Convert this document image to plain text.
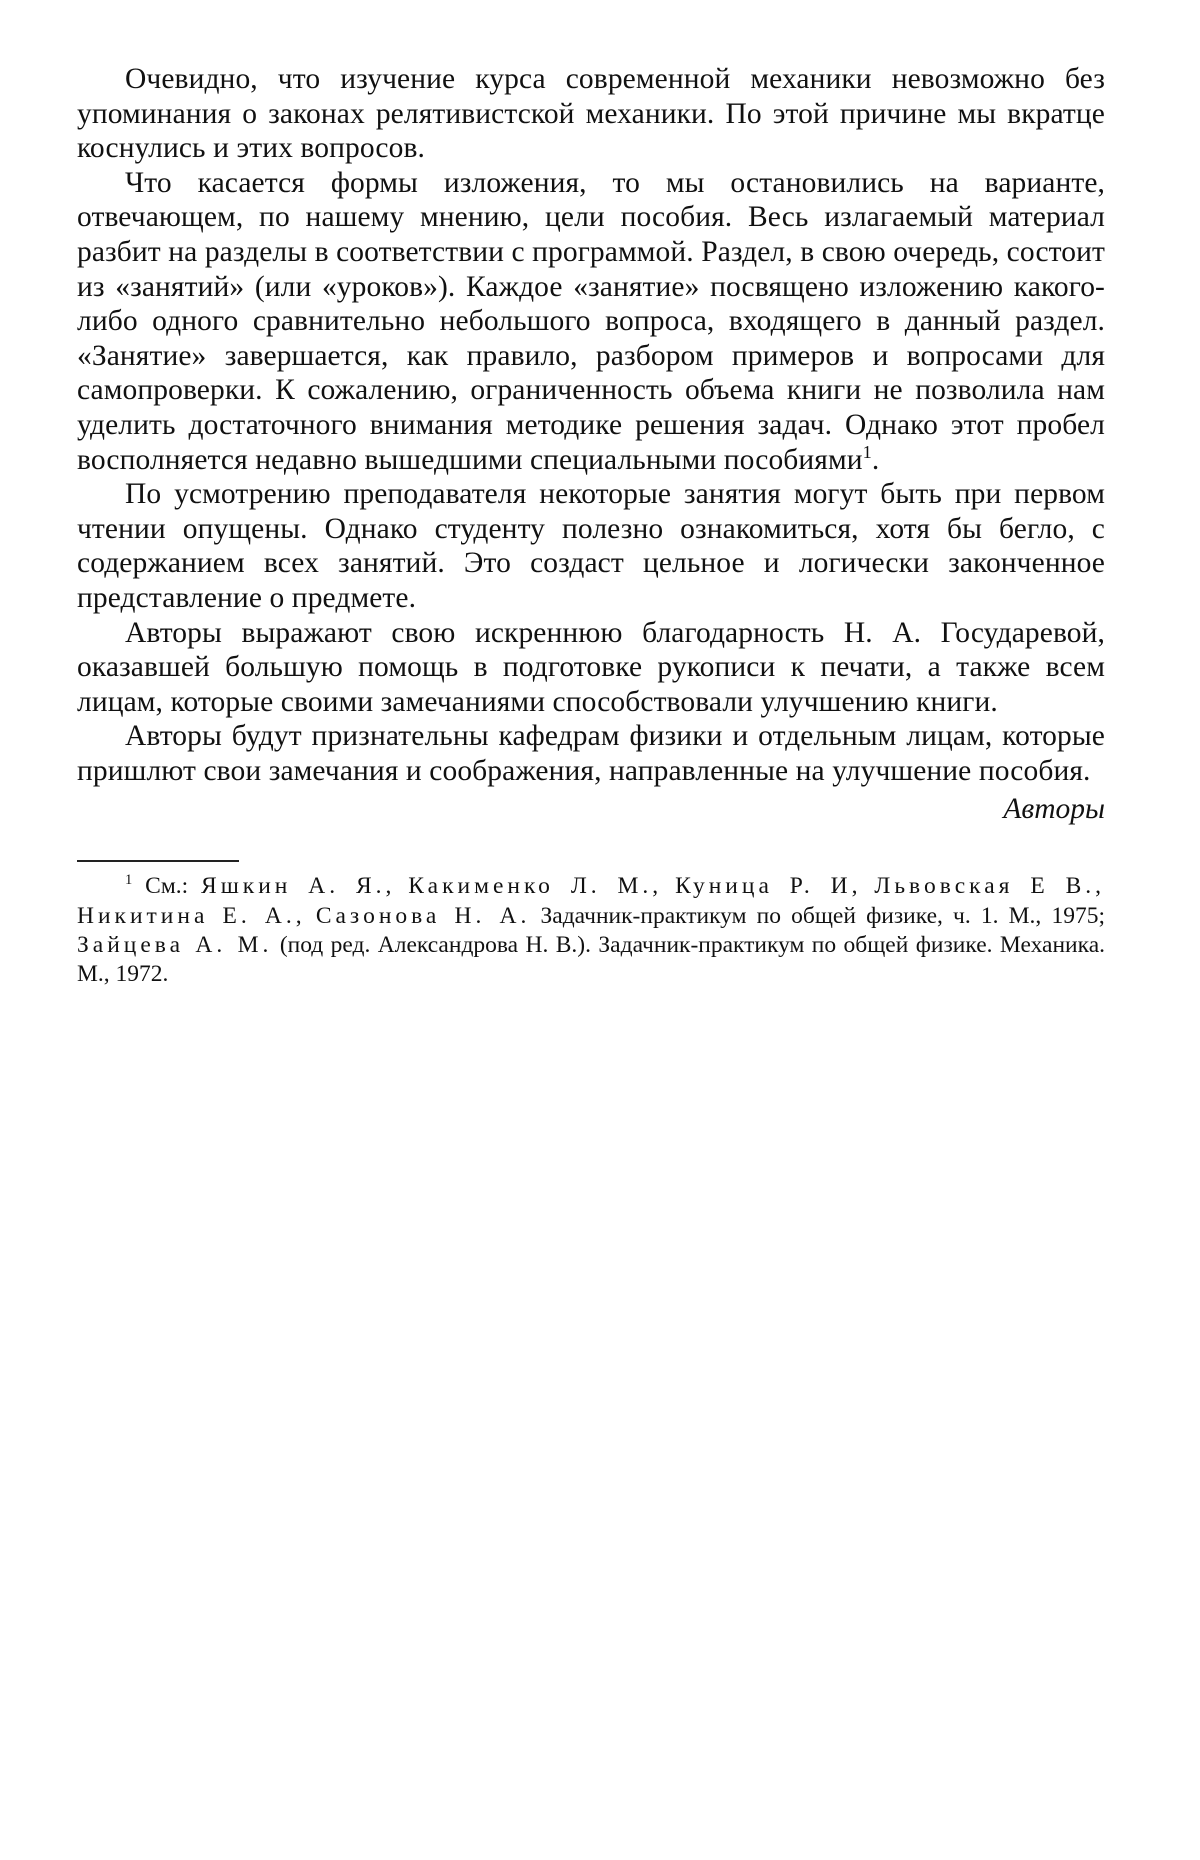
Очевидно, что изучение курса современной механики невозможно без упоминания о законах релятивистской механики. По этой причине мы вкратце коснулись и этих вопросов.

Что касается формы изложения, то мы остановились на варианте, отвечающем, по нашему мнению, цели пособия. Весь излагаемый материал разбит на разделы в соответствии с программой. Раздел, в свою очередь, состоит из «занятий» (или «уроков»). Каждое «занятие» посвящено изложению какого-либо одного сравнительно небольшого вопроса, входящего в данный раздел. «Занятие» завершается, как правило, разбором примеров и вопросами для самопроверки. К сожалению, ограниченность объема книги не позволила нам уделить достаточного внимания методике решения задач. Однако этот пробел восполняется недавно вышедшими специальными пособиями$^1$.

По усмотрению преподавателя некоторые занятия могут быть при первом чтении опущены. Однако студенту полезно ознакомиться, хотя бы бегло, с содержанием всех занятий. Это создаст цельное и логически законченное представление о предмете.

Авторы выражают свою искреннюю благодарность Н. А. Государевой, оказавшей большую помощь в подготовке рукописи к печати, а также всем лицам, которые своими замечаниями способствовали улучшению книги.

Авторы будут признательны кафедрам физики и отдельным лицам, которые пришлют свои замечания и соображения, направленные на улучшение пособия.

Авторы

$^1$ См.: Яшкин А. Я., Какименко Л. М., Куница Р. И, Львовская Е В., Никитина Е. А., Сазонова Н. А. Задачник-практикум по общей физике, ч. 1. М., 1975; Зайцева А. М. (под ред. Александрова Н. В.). Задачник-практикум по общей физике. Механика. М., 1972.
